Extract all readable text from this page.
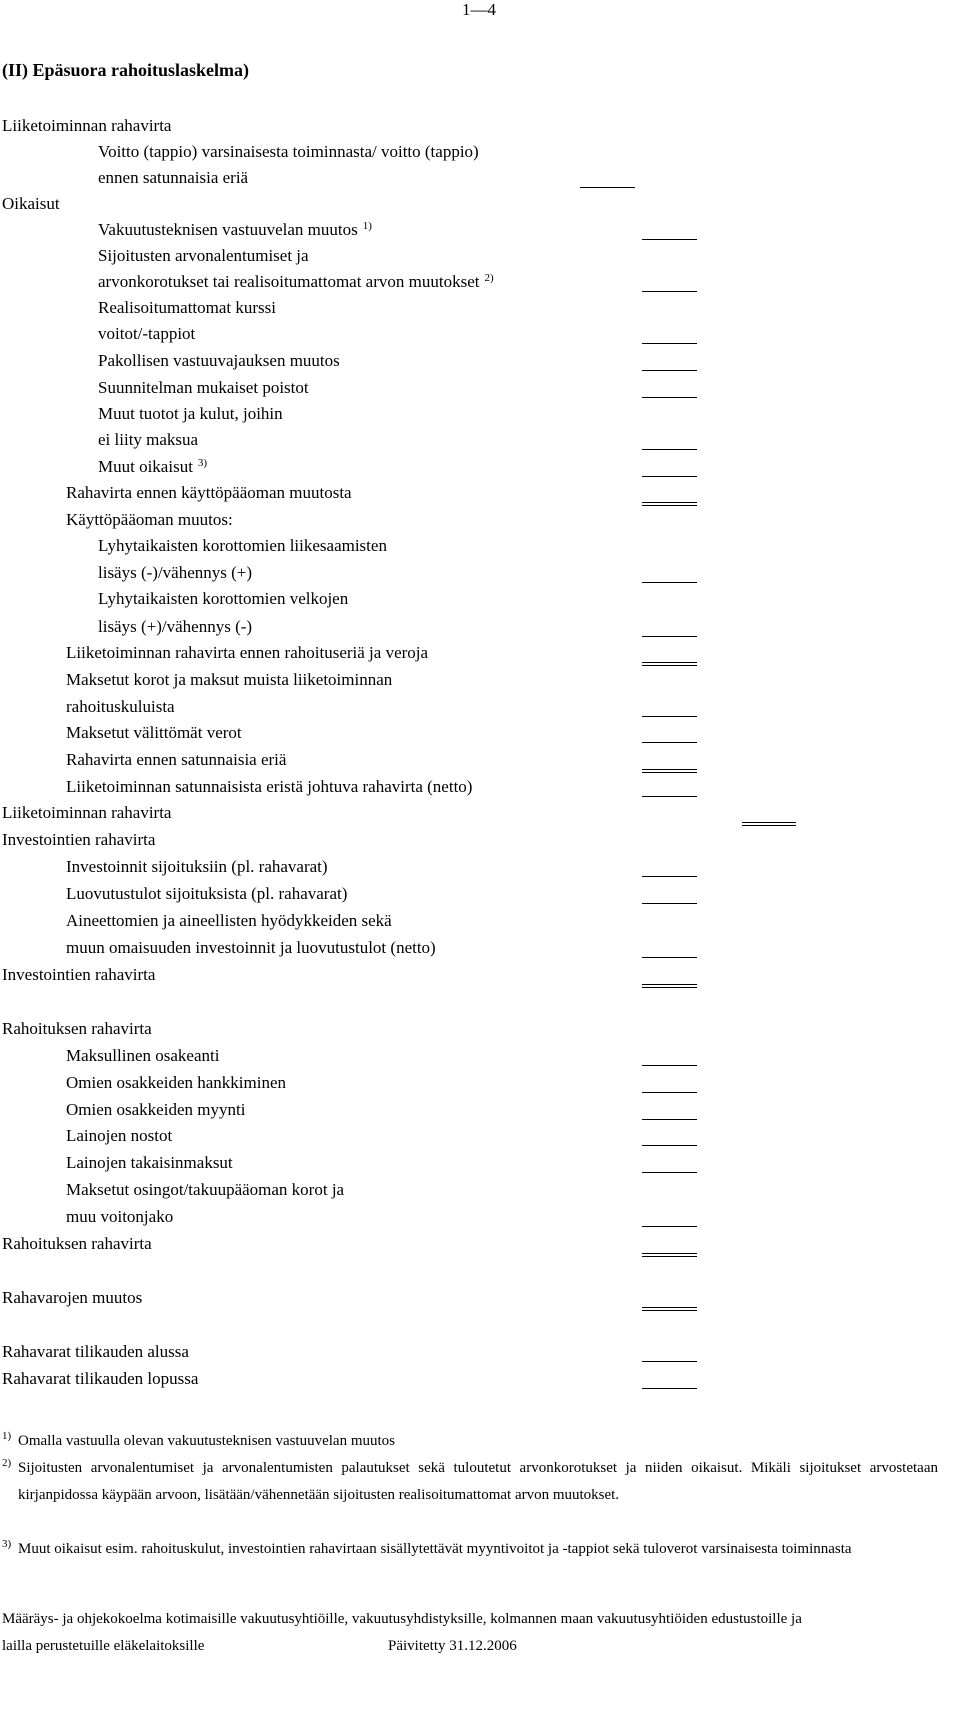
1—4
(II) Epäsuora rahoituslaskelma)
Liiketoiminnan rahavirta
Voitto (tappio) varsinaisesta toiminnasta/ voitto (tappio)
ennen satunnaisia eriä
Oikaisut
Vakuutusteknisen vastuuvelan muutos $^{1)}$
Sijoitusten arvonalentumiset ja
arvonkorotukset tai realisoitumattomat arvon muutokset $^{2)}$
Realisoitumattomat kurssi
voitot/-tappiot
Pakollisen vastuuvajauksen muutos
Suunnitelman mukaiset poistot
Muut tuotot ja kulut, joihin
ei liity maksua
Muut oikaisut $^{3)}$
Rahavirta ennen käyttöpääoman muutosta
Käyttöpääoman muutos:
Lyhytaikaisten korottomien liikesaamisten
lisäys (-)/vähennys (+)
Lyhytaikaisten korottomien velkojen
lisäys (+)/vähennys (-)
Liiketoiminnan rahavirta ennen rahoituseriä ja veroja
Maksetut korot ja maksut muista liiketoiminnan
rahoituskuluista
Maksetut välittömät verot
Rahavirta ennen satunnaisia eriä
Liiketoiminnan satunnaisista eristä johtuva rahavirta (netto)
Liiketoiminnan rahavirta
Investointien rahavirta
Investoinnit sijoituksiin (pl. rahavarat)
Luovutustulot sijoituksista (pl. rahavarat)
Aineettomien ja aineellisten hyödykkeiden sekä
muun omaisuuden investoinnit ja luovutustulot (netto)
Investointien rahavirta
Rahoituksen rahavirta
Maksullinen osakeanti
Omien osakkeiden hankkiminen
Omien osakkeiden myynti
Lainojen nostot
Lainojen takaisinmaksut
Maksetut osingot/takuupääoman korot ja
muu voitonjako
Rahoituksen rahavirta
Rahavarojen muutos
Rahavarat tilikauden alussa
Rahavarat tilikauden lopussa
1) Omalla vastuulla olevan vakuutusteknisen vastuuvelan muutos
2) Sijoitusten arvonalentumiset ja arvonalentumisten palautukset sekä tuloutetut arvonkorotukset ja niiden oikaisut. Mikäli sijoitukset arvostetaan kirjanpidossa käypään arvoon, lisätään/vähennetään sijoitusten realisoitumattomat arvon muutokset.
3) Muut oikaisut esim. rahoituskulut, investointien rahavirtaan sisällytettävät myyntivoitot ja -tappiot sekä tuloverot varsinaisesta toiminnasta
Määräys- ja ohjekokoelma kotimaisille vakuutusyhtiöille, vakuutusyhdistyksille, kolmannen maan vakuutusyhtiöiden edustustoille ja
lailla perustetuille eläkelaitoksille	Päivitetty 31.12.2006
